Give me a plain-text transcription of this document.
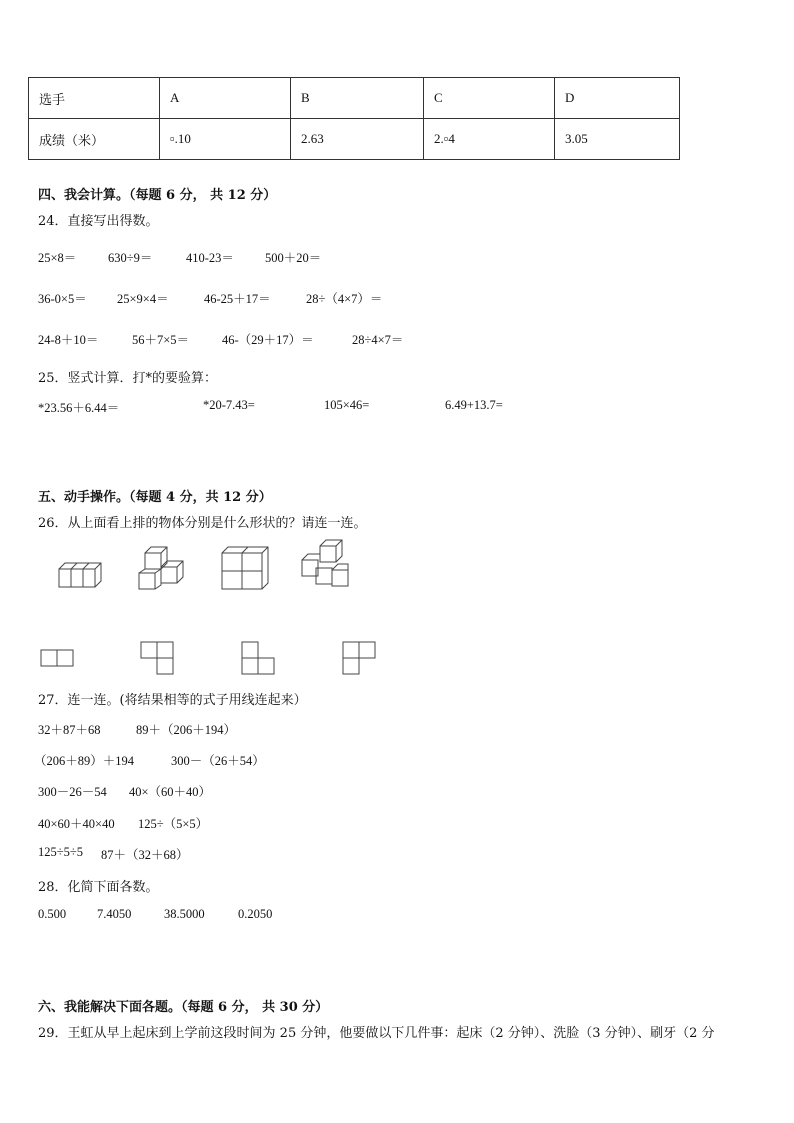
选手	A	B	C	D
成绩（米）	▫.10	2.63	2.▫4	3.05
四、我会计算。（每题 6 分， 共 12 分）
24．直接写出得数。
25×8＝	630÷9＝	410-23＝ 500＋20＝
36-0×5＝ 25×9×4＝	46-25＋17＝	28÷（4×7）＝
24-8＋10＝	56＋7×5＝	46-（29＋17）＝	28÷4×7＝
25．竖式计算．打*的要验算：
*23.56＋6.44＝	*20-7.43=	105×46=	6.49+13.7=
五、动手操作。（每题 4 分，共 12 分）
26．从上面看上排的物体分别是什么形状的？请连一连。
27．连一连。(将结果相等的式子用线连起来）
32＋87＋68	89＋（206＋194）
（206＋89）＋194	300－（26＋54）
300－26－54 40×（60＋40）
40×60＋40×40 125÷（5×5）
125÷5÷5 87＋（32＋68）
28．化简下面各数。
0.500 7.4050	38.5000	0.2050
六、我能解决下面各题。（每题 6 分， 共 30 分）
29．王虹从早上起床到上学前这段时间为 25 分钟，他要做以下几件事：起床（2 分钟）、洗脸（3 分钟）、刷牙（2 分
